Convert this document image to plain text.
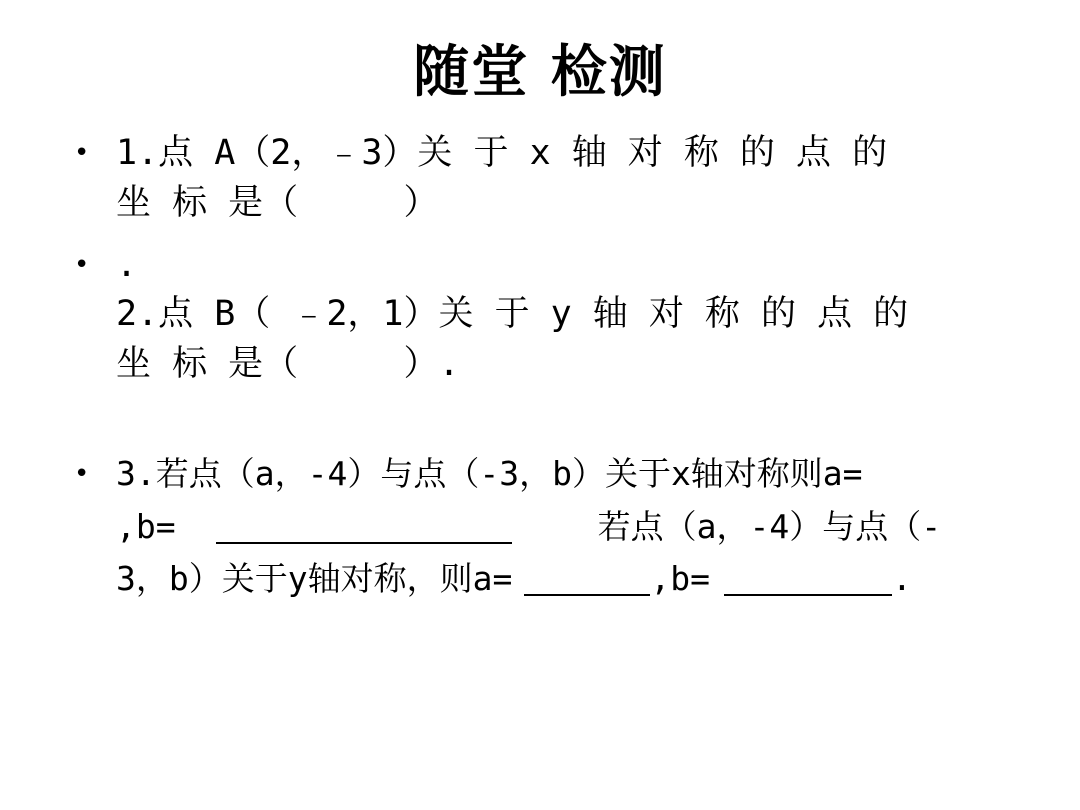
随堂 检测
• 1.点 A（2，﹣3）关 于 x 轴 对 称 的 点 的
坐 标 是（     ）
• .
2.点 B（ ﹣2，1）关 于 y 轴 对 称 的 点 的
坐 标 是（     ）.
• 3.若点（a，-4）与点（-3，b）关于x轴对称则a=
,b=	若点（a，-4）与点（-
3，b）关于y轴对称，则a=	,b=	.
